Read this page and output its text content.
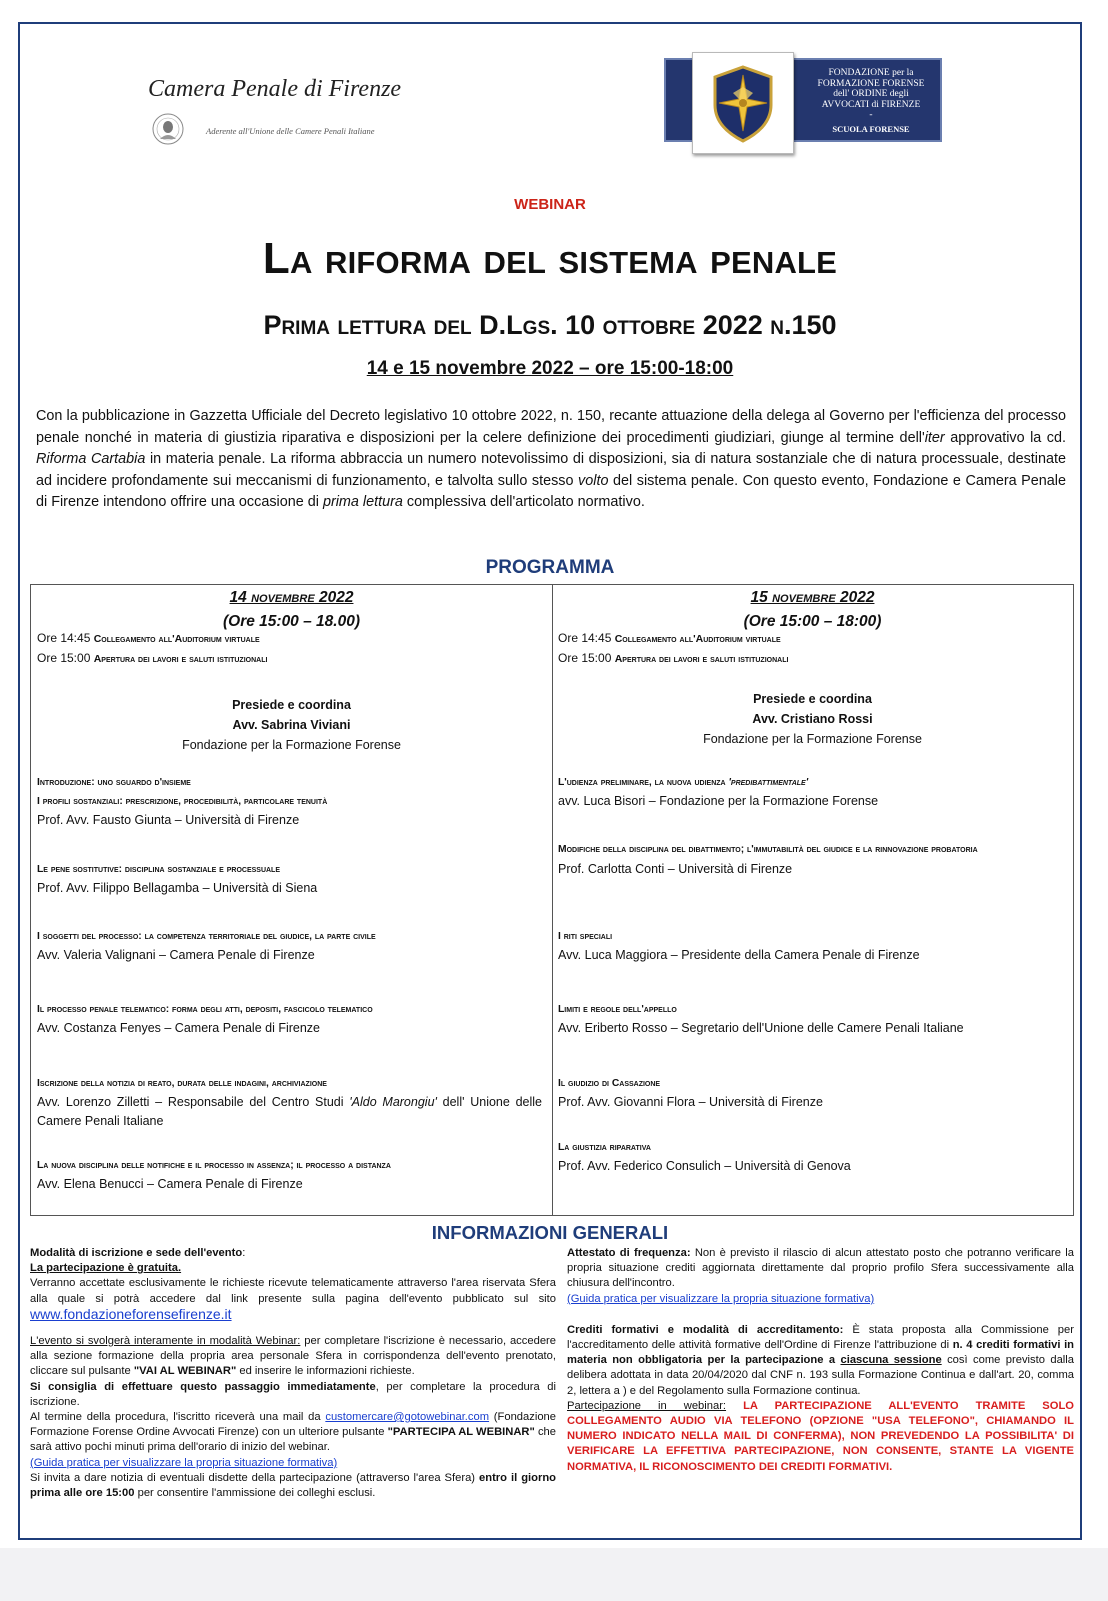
Camera Penale di Firenze
Aderente all'Unione delle Camere Penali Italiane
FONDAZIONE per la
FORMAZIONE FORENSE
dell' ORDINE degli
AVVOCATI di FIRENZE
-
SCUOLA FORENSE
WEBINAR
La riforma del sistema penale
Prima lettura del D.Lgs. 10 ottobre 2022 n.150
14 e 15 novembre 2022 – ore 15:00-18:00
Con la pubblicazione in Gazzetta Ufficiale del Decreto legislativo 10 ottobre 2022, n. 150, recante attuazione della delega al Governo per l'efficienza del processo penale nonché in materia di giustizia riparativa e disposizioni per la celere definizione dei procedimenti giudiziari, giunge al termine dell'iter approvativo la cd. Riforma Cartabia in materia penale. La riforma abbraccia un numero notevolissimo di disposizioni, sia di natura sostanziale che di natura processuale, destinate ad incidere profondamente sui meccanismi di funzionamento, e talvolta sullo stesso volto del sistema penale. Con questo evento, Fondazione e Camera Penale di Firenze intendono offrire una occasione di prima lettura complessiva dell'articolato normativo.
PROGRAMMA
14 novembre 2022
(Ore 15:00 – 18.00)
Ore 14:45 Collegamento all'Auditorium virtuale
Ore 15:00 Apertura dei lavori e saluti istituzionali
Presiede e coordina
Avv. Sabrina Viviani
Fondazione per la Formazione Forense
Introduzione: uno sguardo d'insieme
I profili sostanziali: prescrizione, procedibilità, particolare tenuità
Prof. Avv. Fausto Giunta – Università di Firenze
Le pene sostitutive: disciplina sostanziale e processuale
Prof. Avv. Filippo Bellagamba – Università di Siena
I soggetti del processo: la competenza territoriale del giudice, la parte civile
Avv. Valeria Valignani – Camera Penale di Firenze
Il processo penale telematico: forma degli atti, depositi, fascicolo telematico
Avv. Costanza Fenyes – Camera Penale di Firenze
Iscrizione della notizia di reato, durata delle indagini, archiviazione
Avv. Lorenzo Zilletti – Responsabile del Centro Studi 'Aldo Marongiu' dell' Unione delle Camere Penali Italiane
La nuova disciplina delle notifiche e il processo in assenza; il processo a distanza
Avv. Elena Benucci – Camera Penale di Firenze
15 novembre 2022
(Ore 15:00 – 18:00)
Ore 14:45 Collegamento all'Auditorium virtuale
Ore 15:00 Apertura dei lavori e saluti istituzionali
Presiede e coordina
Avv. Cristiano Rossi
Fondazione per la Formazione Forense
L'udienza preliminare, la nuova udienza 'predibattimentale'
avv. Luca Bisori – Fondazione per la Formazione Forense
Modifiche della disciplina del dibattimento; l'immutabilità del giudice e la rinnovazione probatoria
Prof. Carlotta Conti – Università di Firenze
I riti speciali
Avv. Luca Maggiora – Presidente della Camera Penale di Firenze
Limiti e regole dell'appello
Avv. Eriberto Rosso – Segretario dell'Unione delle Camere Penali Italiane
Il giudizio di Cassazione
Prof. Avv. Giovanni Flora – Università di Firenze
La giustizia riparativa
Prof. Avv. Federico Consulich – Università di Genova
INFORMAZIONI GENERALI
Modalità di iscrizione e sede dell'evento:
La partecipazione è gratuita.
Verranno accettate esclusivamente le richieste ricevute telematicamente attraverso l'area riservata Sfera alla quale si potrà accedere dal link presente sulla pagina dell'evento pubblicato sul sito www.fondazioneforensefirenze.it
L'evento si svolgerà interamente in modalità Webinar: per completare l'iscrizione è necessario, accedere alla sezione formazione della propria area personale Sfera in corrispondenza dell'evento prenotato, cliccare sul pulsante "VAI AL WEBINAR" ed inserire le informazioni richieste.
Si consiglia di effettuare questo passaggio immediatamente, per completare la procedura di iscrizione.
Al termine della procedura, l'iscritto riceverà una mail da customercare@gotowebinar.com (Fondazione Formazione Forense Ordine Avvocati Firenze) con un ulteriore pulsante "PARTECIPA AL WEBINAR" che sarà attivo pochi minuti prima dell'orario di inizio del webinar.
(Guida pratica per visualizzare la propria situazione formativa)
Si invita a dare notizia di eventuali disdette della partecipazione (attraverso l'area Sfera) entro il giorno prima alle ore 15:00 per consentire l'ammissione dei colleghi esclusi.
Attestato di frequenza: Non è previsto il rilascio di alcun attestato posto che potranno verificare la propria situazione crediti aggiornata direttamente dal proprio profilo Sfera successivamente alla chiusura dell'incontro.
(Guida pratica per visualizzare la propria situazione formativa)
Crediti formativi e modalità di accreditamento: È stata proposta alla Commissione per l'accreditamento delle attività formative dell'Ordine di Firenze l'attribuzione di n. 4 crediti formativi in materia non obbligatoria per la partecipazione a ciascuna sessione così come previsto dalla delibera adottata in data 20/04/2020 dal CNF n. 193 sulla Formazione Continua e dall'art. 20, comma 2, lettera a ) e del Regolamento sulla Formazione continua.
Partecipazione in webinar: LA PARTECIPAZIONE ALL'EVENTO TRAMITE SOLO COLLEGAMENTO AUDIO VIA TELEFONO (OPZIONE "USA TELEFONO", CHIAMANDO IL NUMERO INDICATO NELLA MAIL DI CONFERMA), NON PREVEDENDO LA POSSIBILITA' DI VERIFICARE LA EFFETTIVA PARTECIPAZIONE, NON CONSENTE, STANTE LA VIGENTE NORMATIVA, IL RICONOSCIMENTO DEI CREDITI FORMATIVI.
